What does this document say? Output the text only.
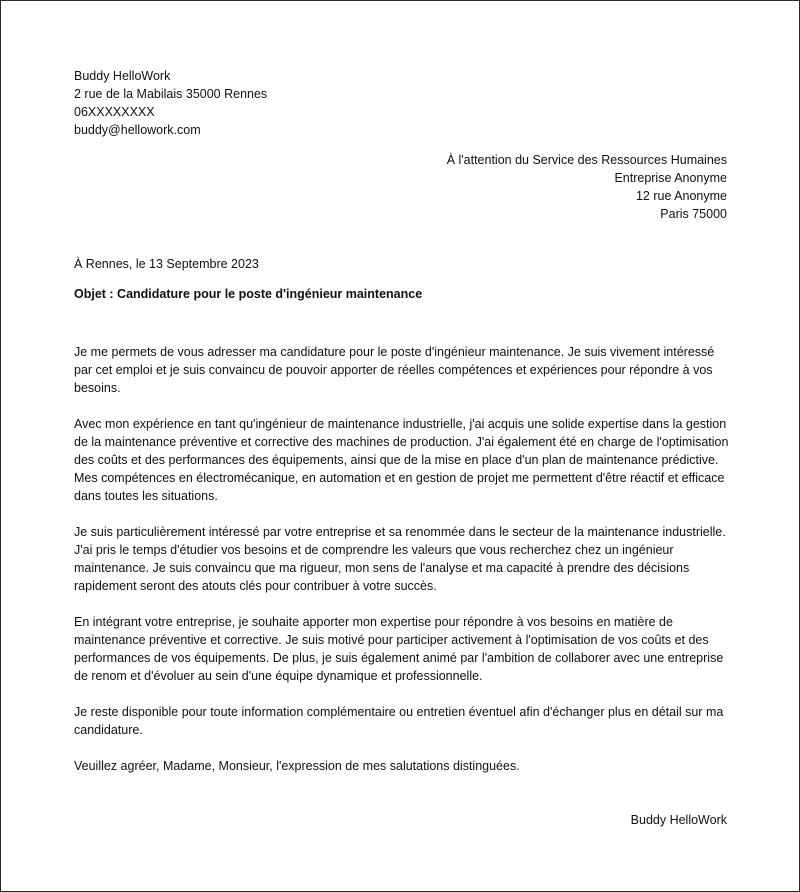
Buddy HelloWork
2 rue de la Mabilais 35000 Rennes
06XXXXXXXX
buddy@hellowork.com
À l'attention du Service des Ressources Humaines
Entreprise Anonyme
12 rue Anonyme
Paris 75000
À Rennes, le 13 Septembre 2023
Objet : Candidature pour le poste d'ingénieur maintenance

Je me permets de vous adresser ma candidature pour le poste d'ingénieur maintenance. Je suis vivement intéressé par cet emploi et je suis convaincu de pouvoir apporter de réelles compétences et expériences pour répondre à vos besoins.

Avec mon expérience en tant qu'ingénieur de maintenance industrielle, j'ai acquis une solide expertise dans la gestion de la maintenance préventive et corrective des machines de production. J'ai également été en charge de l'optimisation des coûts et des performances des équipements, ainsi que de la mise en place d'un plan de maintenance prédictive. Mes compétences en électromécanique, en automation et en gestion de projet me permettent d'être réactif et efficace dans toutes les situations.

Je suis particulièrement intéressé par votre entreprise et sa renommée dans le secteur de la maintenance industrielle. J'ai pris le temps d'étudier vos besoins et de comprendre les valeurs que vous recherchez chez un ingénieur maintenance. Je suis convaincu que ma rigueur, mon sens de l'analyse et ma capacité à prendre des décisions rapidement seront des atouts clés pour contribuer à votre succès.

En intégrant votre entreprise, je souhaite apporter mon expertise pour répondre à vos besoins en matière de maintenance préventive et corrective. Je suis motivé pour participer activement à l'optimisation de vos coûts et des performances de vos équipements. De plus, je suis également animé par l'ambition de collaborer avec une entreprise de renom et d'évoluer au sein d'une équipe dynamique et professionnelle.

Je reste disponible pour toute information complémentaire ou entretien éventuel afin d'échanger plus en détail sur ma candidature.

Veuillez agréer, Madame, Monsieur, l'expression de mes salutations distinguées.

Buddy HelloWork
